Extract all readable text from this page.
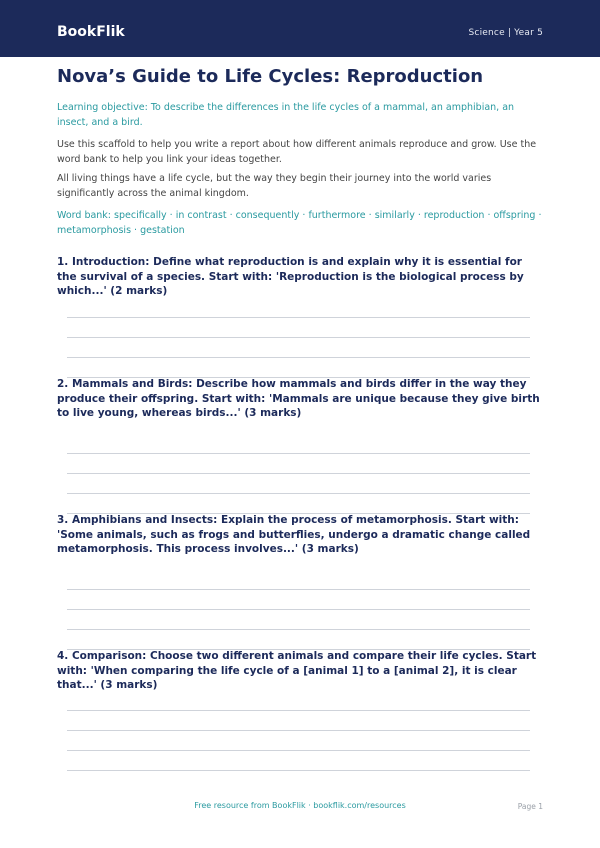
BookFlik	Science | Year 5
Nova’s Guide to Life Cycles: Reproduction

Learning objective: To describe the differences in the life cycles of a mammal, an amphibian, an insect, and a bird.

Use this scaffold to help you write a report about how different animals reproduce and grow. Use the word bank to help you link your ideas together.

All living things have a life cycle, but the way they begin their journey into the world varies significantly across the animal kingdom.

Word bank: specifically · in contrast · consequently · furthermore · similarly · reproduction · offspring · metamorphosis · gestation

1. Introduction: Define what reproduction is and explain why it is essential for the survival of a species. Start with: 'Reproduction is the biological process by which...' (2 marks)

2. Mammals and Birds: Describe how mammals and birds differ in the way they produce their offspring. Start with: 'Mammals are unique because they give birth to live young, whereas birds...' (3 marks)

3. Amphibians and Insects: Explain the process of metamorphosis. Start with: 'Some animals, such as frogs and butterflies, undergo a dramatic change called metamorphosis. This process involves...' (3 marks)

4. Comparison: Choose two different animals and compare their life cycles. Start with: 'When comparing the life cycle of a [animal 1] to a [animal 2], it is clear that...' (3 marks)

Free resource from BookFlik · bookflik.com/resources	Page 1
